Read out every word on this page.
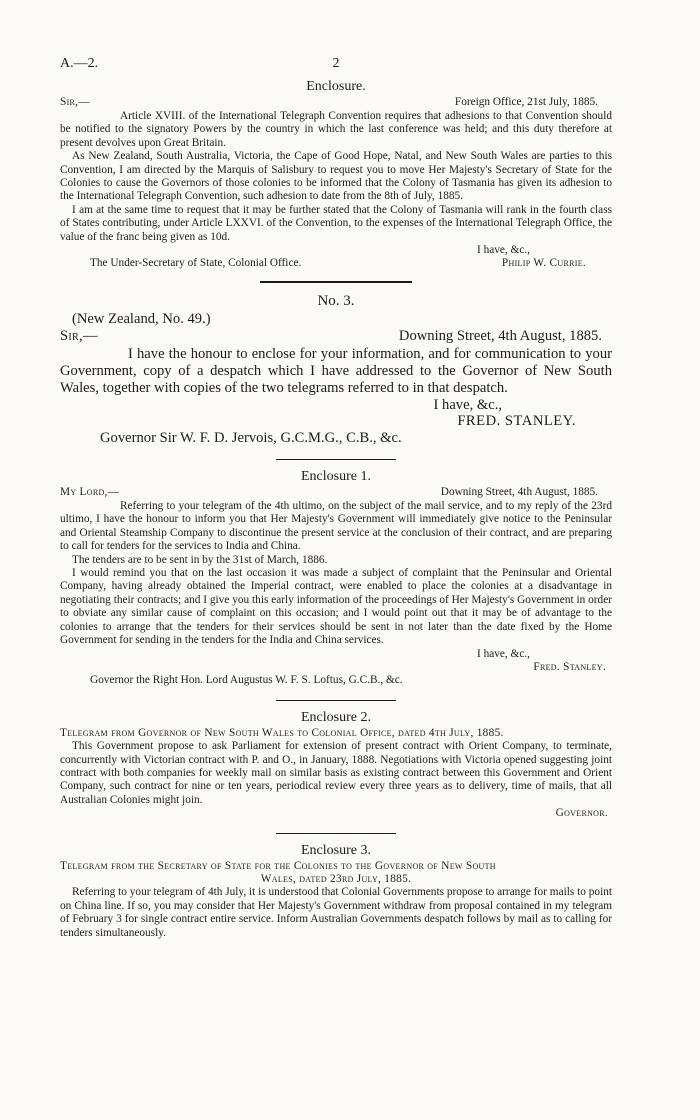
A.—2.	2
Enclosure.
Sir,—	Foreign Office, 21st July, 1885.

Article XVIII. of the International Telegraph Convention requires that adhesions to that Convention should be notified to the signatory Powers by the country in which the last conference was held; and this duty therefore at present devolves upon Great Britain.

As New Zealand, South Australia, Victoria, the Cape of Good Hope, Natal, and New South Wales are parties to this Convention, I am directed by the Marquis of Salisbury to request you to move Her Majesty's Secretary of State for the Colonies to cause the Governors of those colonies to be informed that the Colony of Tasmania has given its adhesion to the International Telegraph Convention, such adhesion to date from the 8th of July, 1885.

I am at the same time to request that it may be further stated that the Colony of Tasmania will rank in the fourth class of States contributing, under Article LXXVI. of the Convention, to the expenses of the International Telegraph Office, the value of the franc being given as 10d.

I have, &c.,
The Under-Secretary of State, Colonial Office.	Philip W. Currie.
No. 3.
(New Zealand, No. 49.)
Sir,—	Downing Street, 4th August, 1885.

I have the honour to enclose for your information, and for communication to your Government, copy of a despatch which I have addressed to the Governor of New South Wales, together with copies of the two telegrams referred to in that despatch.

I have, &c.,
FRED. STANLEY.
Governor Sir W. F. D. Jervois, G.C.M.G., C.B., &c.
Enclosure 1.
My Lord,—	Downing Street, 4th August, 1885.

Referring to your telegram of the 4th ultimo, on the subject of the mail service, and to my reply of the 23rd ultimo, I have the honour to inform you that Her Majesty's Government will immediately give notice to the Peninsular and Oriental Steamship Company to discontinue the present service at the conclusion of their contract, and are preparing to call for tenders for the services to India and China.

The tenders are to be sent in by the 31st of March, 1886.

I would remind you that on the last occasion it was made a subject of complaint that the Peninsular and Oriental Company, having already obtained the Imperial contract, were enabled to place the colonies at a disadvantage in negotiating their contracts; and I give you this early information of the proceedings of Her Majesty's Government in order to obviate any similar cause of complaint on this occasion; and I would point out that it may be of advantage to the colonies to arrange that the tenders for their services should be sent in not later than the date fixed by the Home Government for sending in the tenders for the India and China services.

I have, &c.,
Fred. Stanley.
Governor the Right Hon. Lord Augustus W. F. S. Loftus, G.C.B., &c.
Enclosure 2.

Telegram from Governor of New South Wales to Colonial Office, dated 4th July, 1885.

This Government propose to ask Parliament for extension of present contract with Orient Company, to terminate, concurrently with Victorian contract with P. and O., in January, 1888. Negotiations with Victoria opened suggesting joint contract with both companies for weekly mail on similar basis as existing contract between this Government and Orient Company, such contract for nine or ten years, periodical review every three years as to delivery, time of mails, that all Australian Colonies might join.

Governor.
Enclosure 3.

Telegram from the Secretary of State for the Colonies to the Governor of New South

Wales, dated 23rd July, 1885.

Referring to your telegram of 4th July, it is understood that Colonial Governments propose to arrange for mails to point on China line. If so, you may consider that Her Majesty's Government withdraw from proposal contained in my telegram of February 3 for single contract entire service. Inform Australian Governments despatch follows by mail as to calling for tenders simultaneously.
